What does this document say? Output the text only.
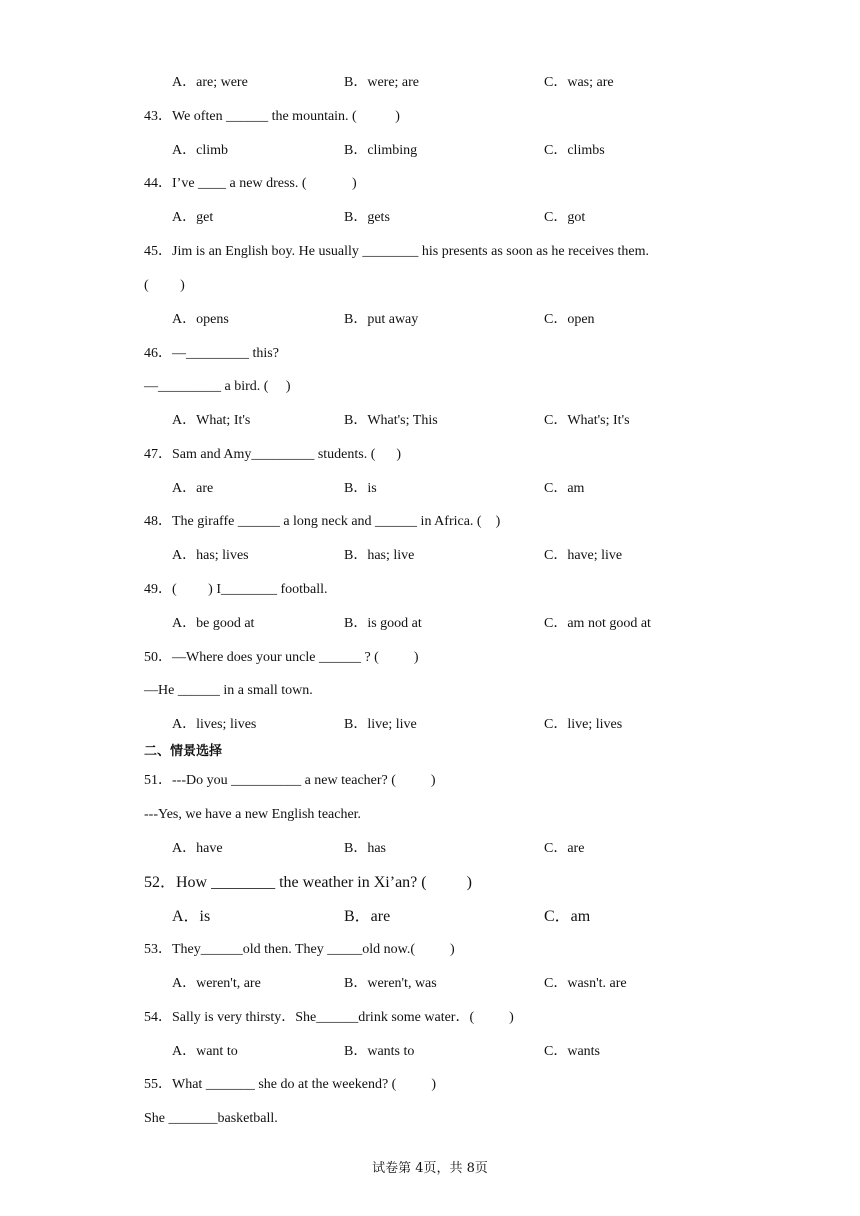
A．are; were	B．were; are	C．was; are
43．We often ______ the mountain. (           )
A．climb	B．climbing	C．climbs
44．I’ve ____ a new dress. (             )
A．get	B．gets	C．got
45．Jim is an English boy. He usually ________ his presents as soon as he receives them.
(         )
A．opens	B．put away	C．open
46．—_________ this?
—_________ a bird. (     )
A．What; It's	B．What's; This	C．What's; It's
47．Sam and Amy_________ students. (      )
A．are	B．is	C．am
48．The giraffe ______ a long neck and ______ in Africa. (    )
A．has; lives	B．has; live	C．have; live
49．(         ) I________ football.
A．be good at	B．is good at	C．am not good at
50．—Where does your uncle ______ ? (          )
—He ______ in a small town.
A．lives; lives	B．live; live	C．live; lives
二、情景选择
51．---Do you __________ a new teacher? (          )
---Yes, we have a new English teacher.
A．have	B．has	C．are
52．How ________ the weather in Xi’an? (          )
A．is	B．are	C．am
53．They______old then. They _____old now.(          )
A．weren't, are	B．weren't, was	C．wasn't. are
54．Sally is very thirsty．She______drink some water．(          )
A．want to	B．wants to	C．wants
55．What _______ she do at the weekend? (          )
She _______basketball.
试卷第 4页，共 8页
